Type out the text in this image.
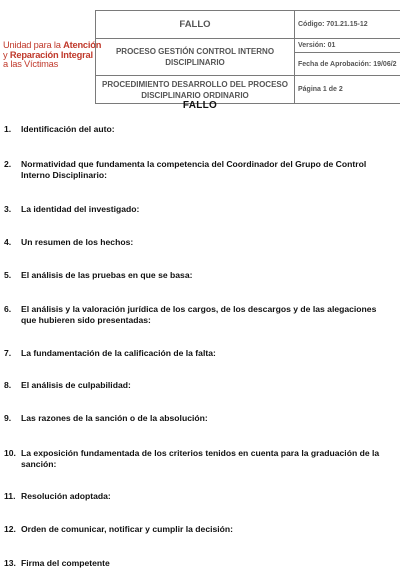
Unidad para la Atención
y Reparación Integral
a las Víctimas
FALLO	Código: 701.21.15-12
PROCESO GESTIÓN CONTROL INTERNO DISCIPLINARIO	Versión: 01
	Fecha de Aprobación: 19/06/2
PROCEDIMIENTO DESARROLLO DEL PROCESO DISCIPLINARIO ORDINARIO	Página 1 de 2
FALLO
1.	Identificación del auto:
2.	Normatividad que fundamenta la competencia del Coordinador del Grupo de Control Interno Disciplinario:
3.	La identidad del investigado:
4.	Un resumen de los hechos:
5.	El análisis de las pruebas en que se basa:
6.	El análisis y la valoración jurídica de los cargos, de los descargos y de las alegaciones que hubieren sido presentadas:
7.	La fundamentación de la calificación de la falta:
8.	El análisis de culpabilidad:
9.	Las razones de la sanción o de la absolución:
10. La exposición fundamentada de los criterios tenidos en cuenta para la graduación de la sanción:
11. Resolución adoptada:
12. Orden de comunicar, notificar y cumplir la decisión:
13. Firma del competente
